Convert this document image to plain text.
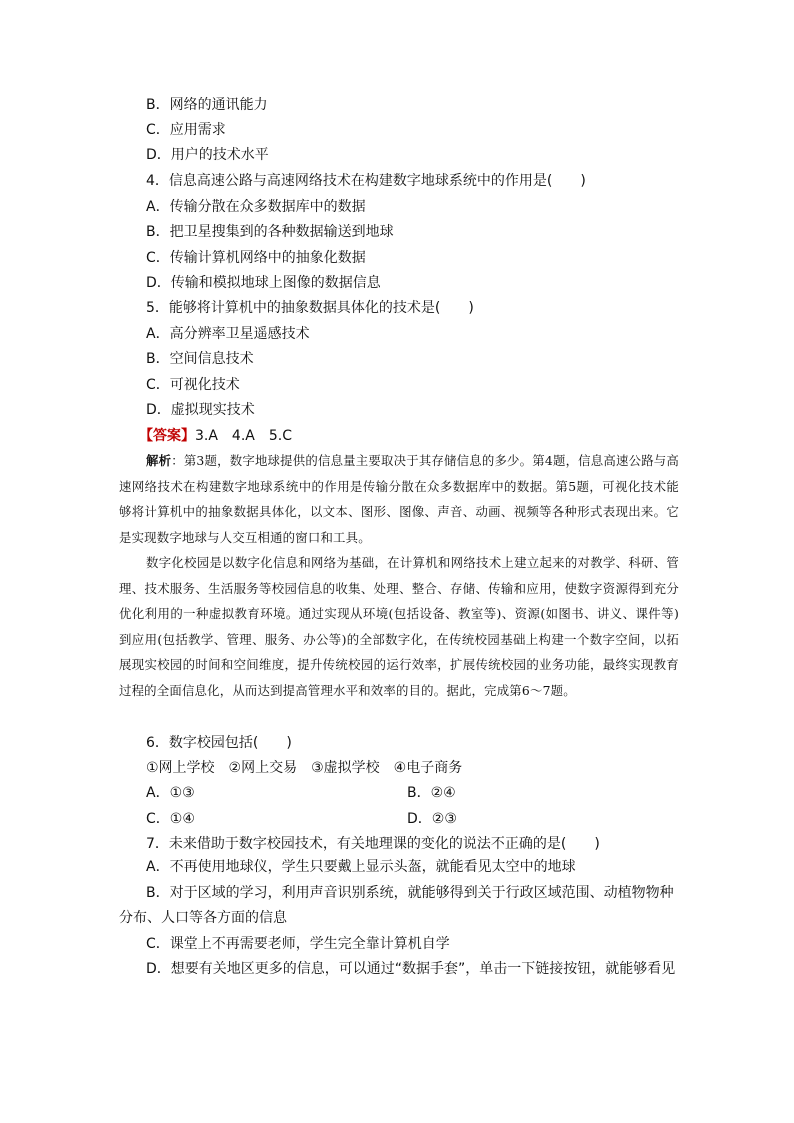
B．网络的通讯能力
C．应用需求
D．用户的技术水平
4．信息高速公路与高速网络技术在构建数字地球系统中的作用是(　　)
A．传输分散在众多数据库中的数据
B．把卫星搜集到的各种数据输送到地球
C．传输计算机网络中的抽象化数据
D．传输和模拟地球上图像的数据信息
5．能够将计算机中的抽象数据具体化的技术是(　　)
A．高分辨率卫星遥感技术
B．空间信息技术
C．可视化技术
D．虚拟现实技术
【答案】3.A　4.A　5.C

解析：第3题，数字地球提供的信息量主要取决于其存储信息的多少。第4题，信息高速公路与高速网络技术在构建数字地球系统中的作用是传输分散在众多数据库中的数据。第5题，可视化技术能够将计算机中的抽象数据具体化，以文本、图形、图像、声音、动画、视频等各种形式表现出来。它是实现数字地球与人交互相通的窗口和工具。

数字化校园是以数字化信息和网络为基础，在计算机和网络技术上建立起来的对教学、科研、管理、技术服务、生活服务等校园信息的收集、处理、整合、存储、传输和应用，使数字资源得到充分优化利用的一种虚拟教育环境。通过实现从环境(包括设备、教室等)、资源(如图书、讲义、课件等)到应用(包括教学、管理、服务、办公等)的全部数字化，在传统校园基础上构建一个数字空间，以拓展现实校园的时间和空间维度，提升传统校园的运行效率，扩展传统校园的业务功能，最终实现教育过程的全面信息化，从而达到提高管理水平和效率的目的。据此，完成第6～7题。

6．数字校园包括(　　)
①网上学校　②网上交易　③虚拟学校　④电子商务
A．①③	B．②④
C．①④	D．②③
7．未来借助于数字校园技术，有关地理课的变化的说法不正确的是(　　)

A．不再使用地球仪，学生只要戴上显示头盔，就能看见太空中的地球

B．对于区域的学习，利用声音识别系统，就能够得到关于行政区域范围、动植物物种分布、人口等各方面的信息

C．课堂上不再需要老师，学生完全靠计算机自学

D．想要有关地区更多的信息，可以通过“数据手套”，单击一下链接按钮，就能够看见
